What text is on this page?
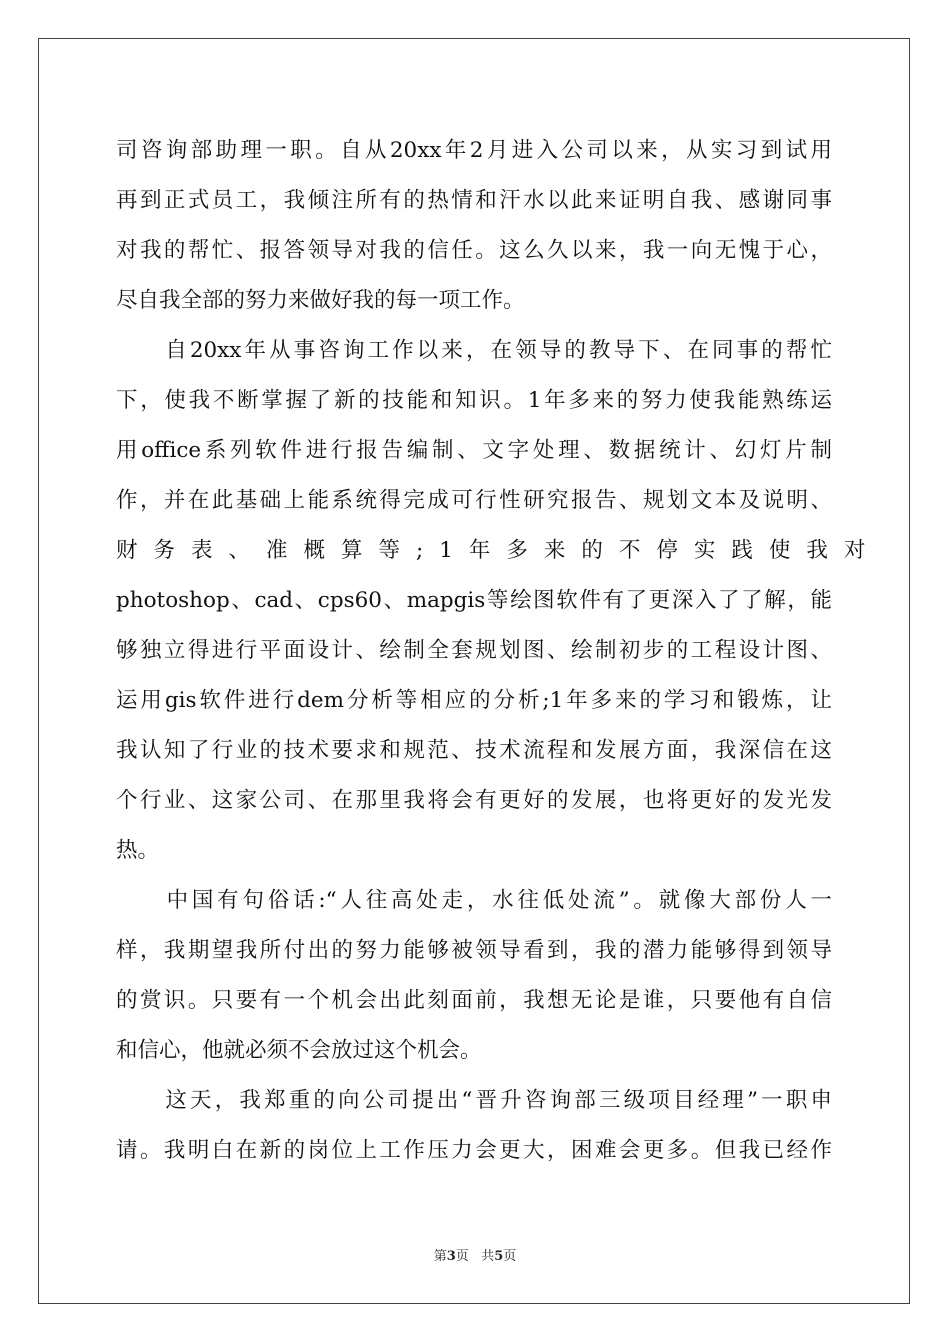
司咨询部助理一职。自从20xx年2月进入公司以来，从实习到试用
再到正式员工，我倾注所有的热情和汗水以此来证明自我、感谢同事
对我的帮忙、报答领导对我的信任。这么久以来，我一向无愧于心，
尽自我全部的努力来做好我的每一项工作。
　　自20xx年从事咨询工作以来，在领导的教导下、在同事的帮忙
下，使我不断掌握了新的技能和知识。1年多来的努力使我能熟练运
用office系列软件进行报告编制、文字处理、数据统计、幻灯片制
作，并在此基础上能系统得完成可行性研究报告、规划文本及说明、
财务表、准概算等;1年多来的不停实践使我对
photoshop、cad、cps60、mapgis等绘图软件有了更深入了了解，能
够独立得进行平面设计、绘制全套规划图、绘制初步的工程设计图、
运用gis软件进行dem分析等相应的分析;1年多来的学习和锻炼，让
我认知了行业的技术要求和规范、技术流程和发展方面，我深信在这
个行业、这家公司、在那里我将会有更好的发展，也将更好的发光发
热。
　　中国有句俗话:“人往高处走，水往低处流”。就像大部份人一
样，我期望我所付出的努力能够被领导看到，我的潜力能够得到领导
的赏识。只要有一个机会出此刻面前，我想无论是谁，只要他有自信
和信心，他就必须不会放过这个机会。
　　这天，我郑重的向公司提出“晋升咨询部三级项目经理”一职申
请。我明白在新的岗位上工作压力会更大，困难会更多。但我已经作
第3页 共5页
